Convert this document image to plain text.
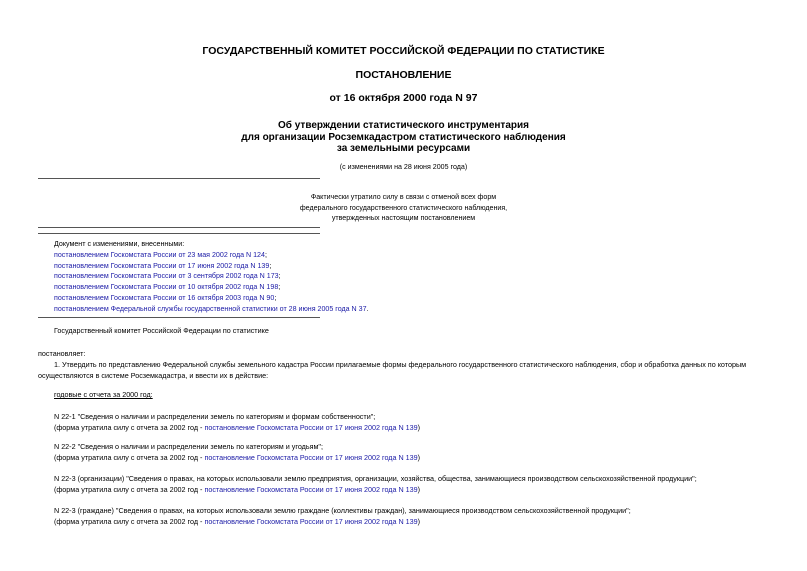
ГОСУДАРСТВЕННЫЙ КОМИТЕТ РОССИЙСКОЙ ФЕДЕРАЦИИ ПО СТАТИСТИКЕ
ПОСТАНОВЛЕНИЕ
от 16 октября 2000 года N 97
Об утверждении статистического инструментария
для организации Росземкадастром статистического наблюдения
за земельными ресурсами
(с изменениями на 28 июня 2005 года)
Фактически утратило силу в связи с отменой всех форм
федерального государственного статистического наблюдения,
утвержденных настоящим постановлением
Документ с изменениями, внесенными:
постановлением Госкомстата России от 23 мая 2002 года N 124;
постановлением Госкомстата России от 17 июня 2002 года N 139;
постановлением Госкомстата России от 3 сентября 2002 года N 173;
постановлением Госкомстата России от 10 октября 2002 года N 198;
постановлением Госкомстата России от 16 октября 2003 года N 90;
постановлением Федеральной службы государственной статистики от 28 июня 2005 года N 37.
Государственный комитет Российской Федерации по статистике
постановляет:
1. Утвердить по представлению Федеральной службы земельного кадастра России прилагаемые формы федерального государственного статистического наблюдения, сбор и обработка данных по которым
осуществляются в системе Росземкадастра, и ввести их в действие:
годовые с отчета за 2000 год:
N 22-1 "Сведения о наличии и распределении земель по категориям и формам собственности";
(форма утратила силу с отчета за 2002 год - постановление Госкомстата России от 17 июня 2002 года N 139)
N 22-2 "Сведения о наличии и распределении земель по категориям и угодьям";
(форма утратила силу с отчета за 2002 год - постановление Госкомстата России от 17 июня 2002 года N 139)
N 22-3 (организации) "Сведения о правах, на которых использовали землю предприятия, организации, хозяйства, общества, занимающиеся производством сельскохозяйственной продукции";
(форма утратила силу с отчета за 2002 год - постановление Госкомстата России от 17 июня 2002 года N 139)
N 22-3 (граждане) "Сведения о правах, на которых использовали землю граждане (коллективы граждан), занимающиеся производством сельскохозяйственной продукции";
(форма утратила силу с отчета за 2002 год - постановление Госкомстата России от 17 июня 2002 года N 139)
